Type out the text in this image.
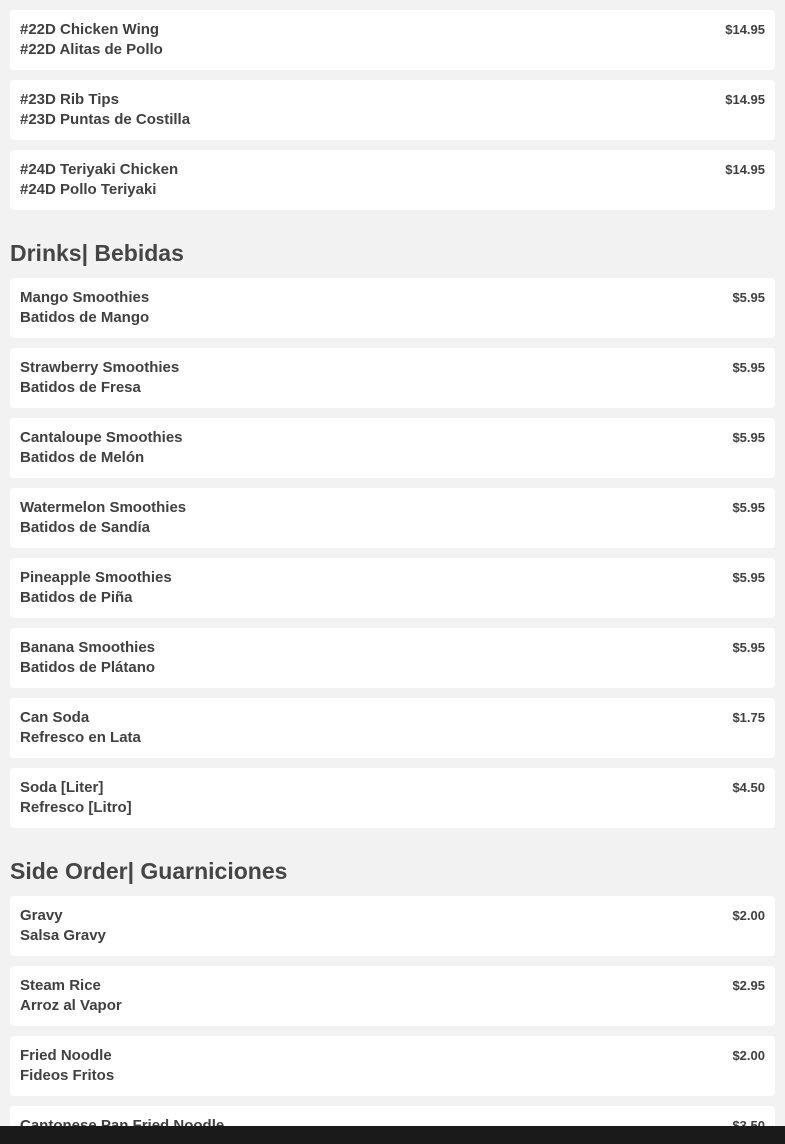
#22D Chicken Wing
#22D Alitas de Pollo
$14.95
#23D Rib Tips
#23D Puntas de Costilla
$14.95
#24D Teriyaki Chicken
#24D Pollo Teriyaki
$14.95
Drinks| Bebidas
Mango Smoothies
Batidos de Mango
$5.95
Strawberry Smoothies
Batidos de Fresa
$5.95
Cantaloupe Smoothies
Batidos de Melón
$5.95
Watermelon Smoothies
Batidos de Sandía
$5.95
Pineapple Smoothies
Batidos de Piña
$5.95
Banana Smoothies
Batidos de Plátano
$5.95
Can Soda
Refresco en Lata
$1.75
Soda [Liter]
Refresco [Litro]
$4.50
Side Order| Guarniciones
Gravy
Salsa Gravy
$2.00
Steam Rice
Arroz al Vapor
$2.95
Fried Noodle
Fideos Fritos
$2.00
